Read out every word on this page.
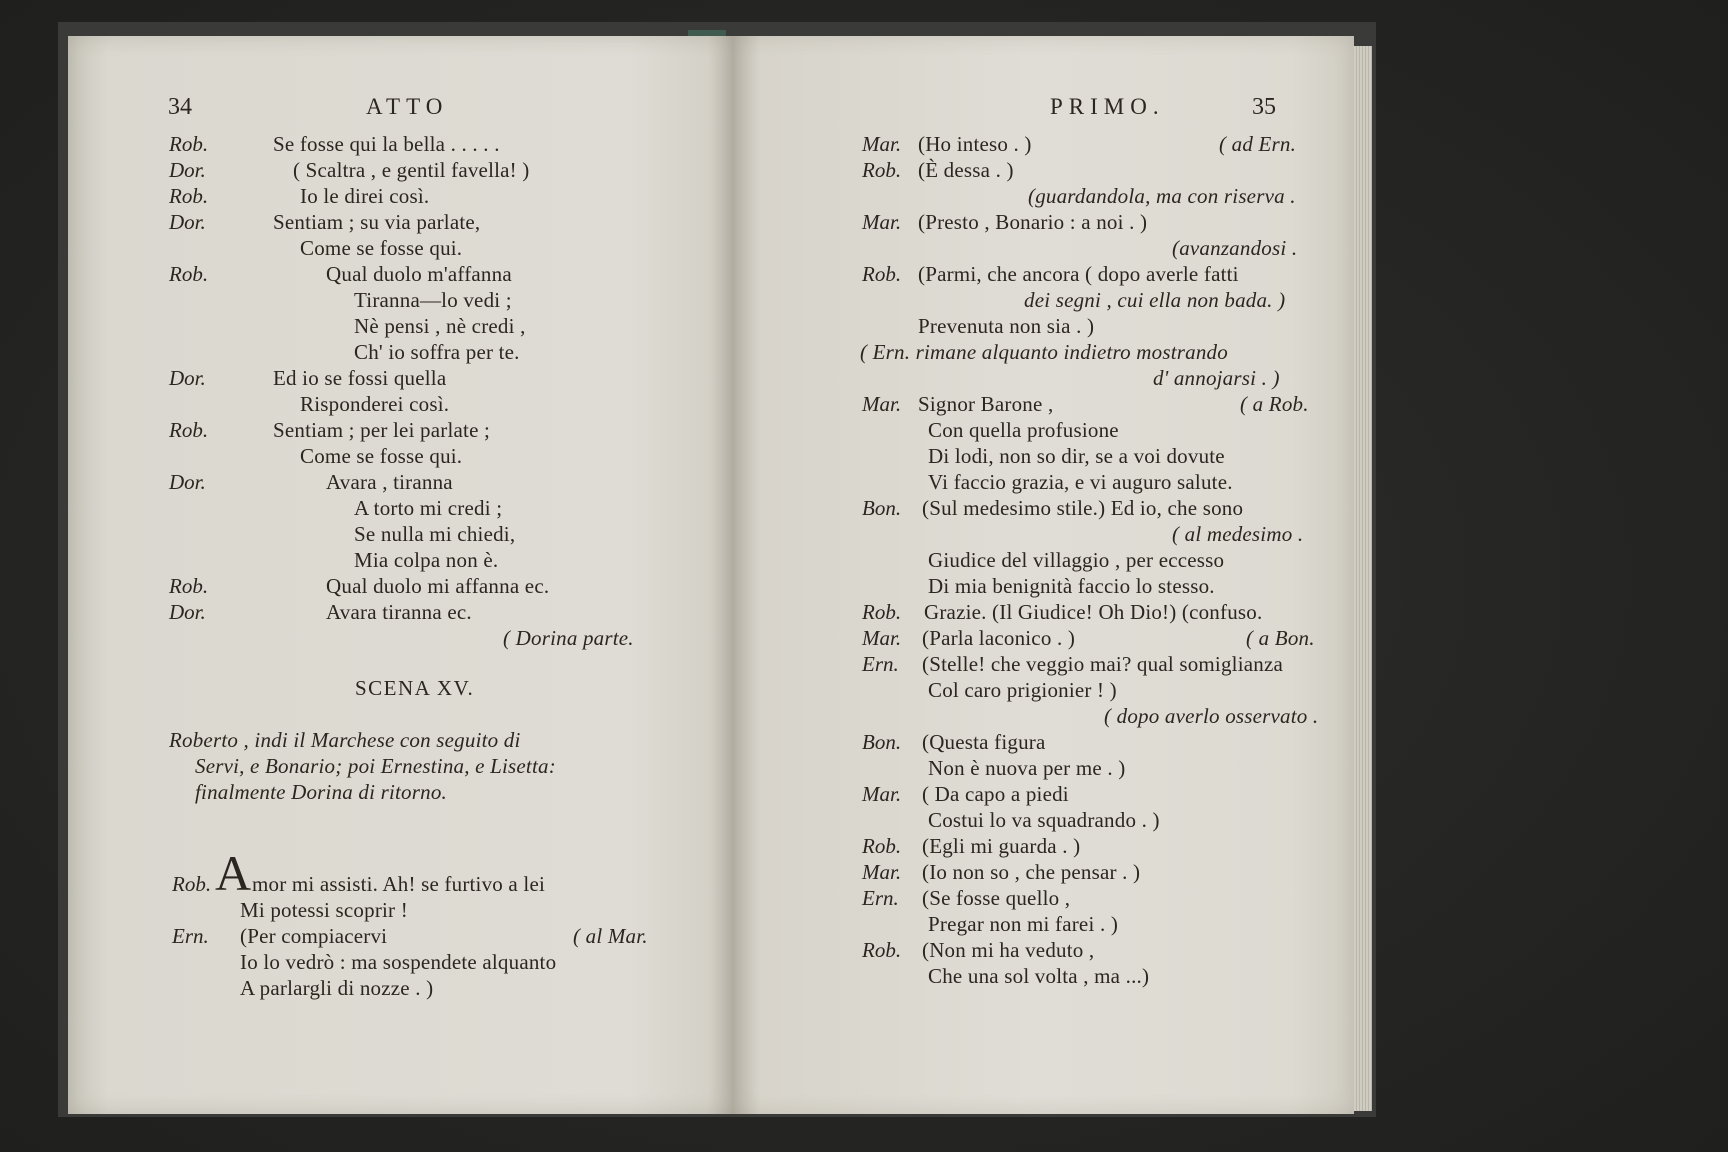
34	ATTO
Rob.	Se fosse qui la bella . . . . .
Dor.	( Scaltra , e gentil favella! )
Rob.	Io le direi così.
Dor.	Sentiam ; su via parlate,
Come se fosse qui.
Rob.	Qual duolo m'affanna
Tiranna—lo vedi ;
Nè pensi , nè credi ,
Ch' io soffra per te.
Dor.	Ed io se fossi quella
Risponderei così.
Rob.	Sentiam ; per lei parlate ;
Come se fosse qui.
Dor.	Avara , tiranna
A torto mi credi ;
Se nulla mi chiedi,
Mia colpa non è.
Rob.	Qual duolo mi affanna ec.
Dor.	Avara tiranna ec.
( Dorina parte.
SCENA XV.
Roberto , indi il Marchese con seguito di
Servi, e Bonario; poi Ernestina, e Lisetta:
finalmente Dorina di ritorno.
Rob. A mor mi assisti. Ah! se furtivo a lei
Mi potessi scoprir !
Ern. (Per compiacervi	( al Mar.
Io lo vedrò : ma sospendete alquanto
A parlargli di nozze . )
PRIMO.	35
Mar. (Ho inteso . )	( ad Ern.
Rob. (È dessa . )
(guardandola, ma con riserva .
Mar. (Presto , Bonario : a noi . )
(avanzandosi .
Rob. (Parmi, che ancora ( dopo averle fatti
dei segni , cui ella non bada. )
Prevenuta non sia . )
( Ern. rimane alquanto indietro mostrando
d' annojarsi . )
Mar. Signor Barone ,	( a Rob.
Con quella profusione
Di lodi, non so dir, se a voi dovute
Vi faccio grazia, e vi auguro salute.
Bon. (Sul medesimo stile.) Ed io, che sono
( al medesimo .
Giudice del villaggio , per eccesso
Di mia benignità faccio lo stesso.
Rob. Grazie. (Il Giudice! Oh Dio!) (confuso.
Mar. (Parla laconico . )	( a Bon.
Ern. (Stelle! che veggio mai? qual somiglianza
Col caro prigionier ! )
( dopo averlo osservato .
Bon. (Questa figura
Non è nuova per me . )
Mar. ( Da capo a piedi
Costui lo va squadrando . )
Rob. (Egli mi guarda . )
Mar. (Io non so , che pensar . )
Ern. (Se fosse quello ,
Pregar non mi farei . )
Rob. (Non mi ha veduto ,
Che una sol volta , ma ...)
